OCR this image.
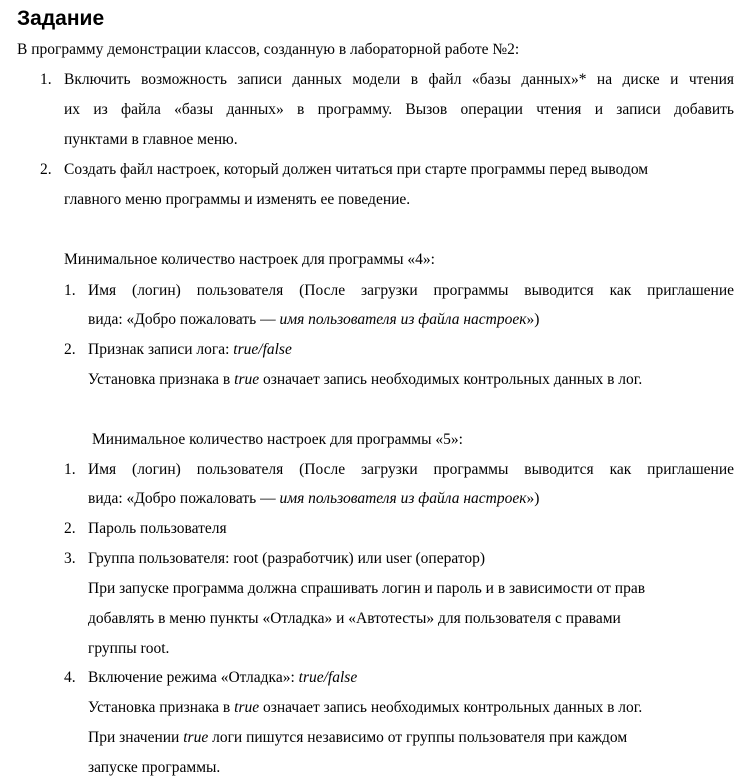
Задание
В программу демонстрации классов, созданную в лабораторной работе №2:
1. Включить возможность записи данных модели в файл «базы данных»* на диске и чтения
их из файла «базы данных» в программу. Вызов операции чтения и записи добавить
пунктами в главное меню.
2. Создать файл настроек, который должен читаться при старте программы перед выводом
главного меню программы и изменять ее поведение.
Минимальное количество настроек для программы «4»:
1. Имя (логин) пользователя (После загрузки программы выводится как приглашение
вида: «Добро пожаловать — имя пользователя из файла настроек»)
2. Признак записи лога: true/false
Установка признака в true означает запись необходимых контрольных данных в лог.
Минимальное количество настроек для программы «5»:
1. Имя (логин) пользователя (После загрузки программы выводится как приглашение
вида: «Добро пожаловать — имя пользователя из файла настроек»)
2. Пароль пользователя
3. Группа пользователя: root (разработчик) или user (оператор)
При запуске программа должна спрашивать логин и пароль и в зависимости от прав
добавлять в меню пункты «Отладка» и «Автотесты» для пользователя с правами
группы root.
4. Включение режима «Отладка»: true/false
Установка признака в true означает запись необходимых контрольных данных в лог.
При значении true логи пишутся независимо от группы пользователя при каждом
запуске программы.
